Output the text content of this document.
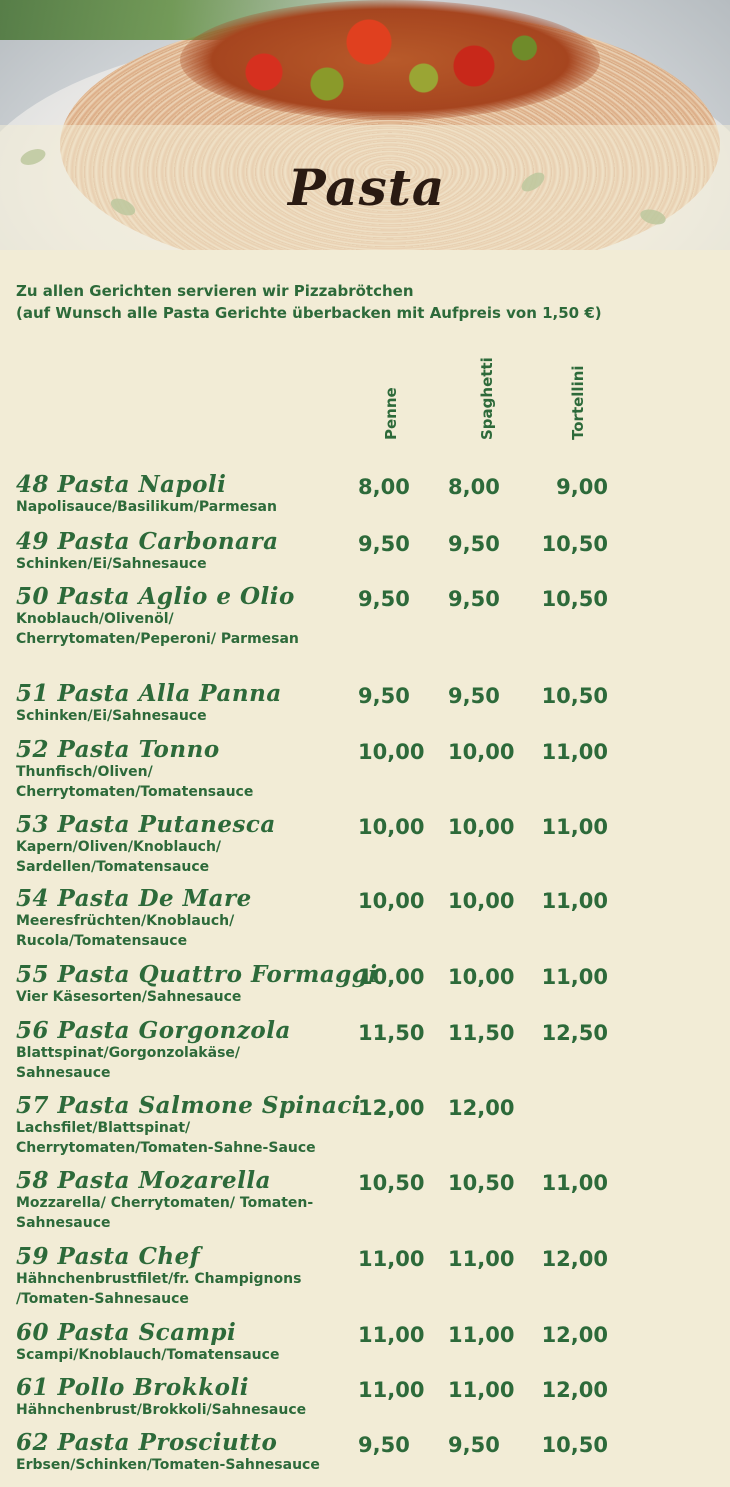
Pasta
Zu allen Gerichten servieren wir Pizzabrötchen
(auf Wunsch alle Pasta Gerichte überbacken mit Aufpreis von 1,50 €)
Penne	Spaghetti	Tortellini
48 Pasta Napoli
Napolisauce/Basilikum/Parmesan
8,00	8,00	9,00
49 Pasta Carbonara
Schinken/Ei/Sahnesauce
9,50	9,50	10,50
50 Pasta Aglio e Olio
Knoblauch/Olivenöl/ Cherrytomaten/Peperoni/ Parmesan
9,50	9,50	10,50
51 Pasta Alla Panna
Schinken/Ei/Sahnesauce
9,50	9,50	10,50
52 Pasta Tonno
Thunfisch/Oliven/ Cherrytomaten/Tomatensauce
10,00 10,00 11,00
53 Pasta Putanesca
Kapern/Oliven/Knoblauch/ Sardellen/Tomatensauce
10,00 10,00 11,00
54 Pasta De Mare
Meeresfrüchten/Knoblauch/ Rucola/Tomatensauce
10,00 10,00 11,00
55 Pasta Quattro Formaggi
Vier Käsesorten/Sahnesauce
10,00 10,00 11,00
56 Pasta Gorgonzola
Blattspinat/Gorgonzolakäse/ Sahnesauce
11,50 11,50 12,50
57 Pasta Salmone Spinaci
Lachsfilet/Blattspinat/ Cherrytomaten/Tomaten-Sahne-Sauce
12,00 12,00
58 Pasta Mozarella
Mozzarella/ Cherrytomaten/ Tomaten-Sahnesauce
10,50 10,50 11,00
59 Pasta Chef
Hähnchenbrustfilet/fr. Champignons /Tomaten-Sahnesauce
11,00 11,00 12,00
60 Pasta Scampi
Scampi/Knoblauch/Tomatensauce
11,00 11,00 12,00
61 Pollo Brokkoli
Hähnchenbrust/Brokkoli/Sahnesauce
11,00 11,00 12,00
62 Pasta Prosciutto
Erbsen/Schinken/Tomaten-Sahnesauce
9,50	9,50	10,50
